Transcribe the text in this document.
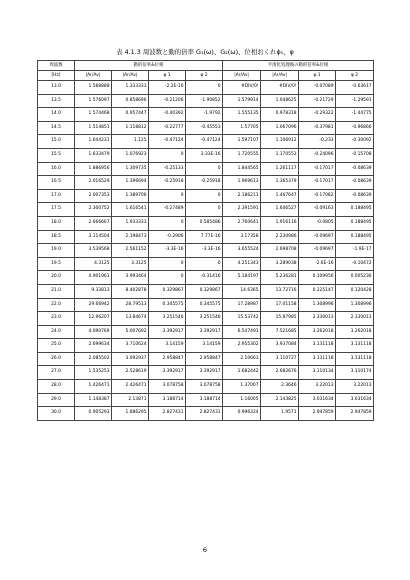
表 4.1.3 周波数と動的倍率 G₁(ω)、G₂(ω)、位相おくれϕ₁、φ
周波数	動的倍率&位相				平滑化処理後の動的倍率&位相			
[Hz]	|Ar/Av|	|Ar/Av|	φ 1	φ 2	|Ar/Av|	|Ar/Av|	φ 1	φ 2
13.0	1.588888	1.333333	-2.2E-16	0	#DIV/0!	#DIV/0!	-0.07089	-0.63617
13.5	1.576097	0.858696	-0.21206	-1.90852	1.579914	1.048625	-0.21729	-1.29591
14.0	1.574468	0.957447	-0.40392	-1.9792	1.555135	0.978318	-0.29322	-1.44775
14.5	1.514851	1.118812	-0.22777	-0.45553	1.57705	1.067096	-0.37981	-0.96866
15.0	1.644231	1.125	-0.47124	-0.47124	1.597107	1.106912	-0.233	-0.30092
15.5	1.633479	1.076923	0	3.33E-16	1.720555	1.170553	-0.24096	-0.15708
16.0	1.886956	1.309735	-0.25133	0	1.844565	1.261117	-0.17017	-0.08639
16.5	2.016529	1.396694	-0.25918	-0.25918	1.969613	1.365379	-0.17017	-0.08639
17.0	2.007353	1.389706	0	0	2.186211	1.467647	-0.17082	-0.08639
17.5	2.300752	1.616541	-0.27489	0	2.391591	1.646527	-0.09163	0.188495
18.0	2.666667	1.933333	0	0.585486	2.760641	1.916116	-0.0805	0.188495
18.5	3.114504	2.198473	-0.2906	7.77E-16	3.17358	2.230986	-0.09697	0.188495
19.0	3.539568	2.561152	-3.3E-16	-3.3E-16	3.655524	2.698708	-0.09697	-1.9E-17
19.5	4.3125	3.3125	0	0	4.251343	3.289038	-2.6E-16	-0.10472
20.0	4.901961	3.993464	0	-0.31416	5.184197	5.236281	0.109956	0.005236
21.0	9.33813	8.402878	0.329867	0.329867	14.6365	13.72716	0.225147	0.120428
22.0	29.66942	28.79513	0.345575	0.345575	17.28987	17.01158	1.308996	1.308996
23.0	12.96207	13.84674	3.251546	3.251546	15.53742	15.87985	2.330013	2.330013
24.0	4.090769	5.007692	3.392917	3.392917	6.547491	7.521685	3.262018	3.262018
25.0	2.699634	3.710624	3.14159	3.14159	2.955302	3.937084	3.131118	3.131118
26.0	2.085502	3.092937	2.958847	2.958847	2.10663	3.110727	3.131118	3.131118
27.0	1.535253	2.528619	3.392917	3.392917	1.682442	2.682676	3.110134	3.110174
28.0	1.426471	2.426471	3.078758	3.078758	1.37007	2.3646	3.22013	3.22013
29.0	1.148387	2.13871	3.188714	3.188714	1.16005	2.143825	3.031634	3.031634
30.0	0.905293	1.886295	2.827431	2.827431	0.996324	1.9571	2.947859	2.947859
6
